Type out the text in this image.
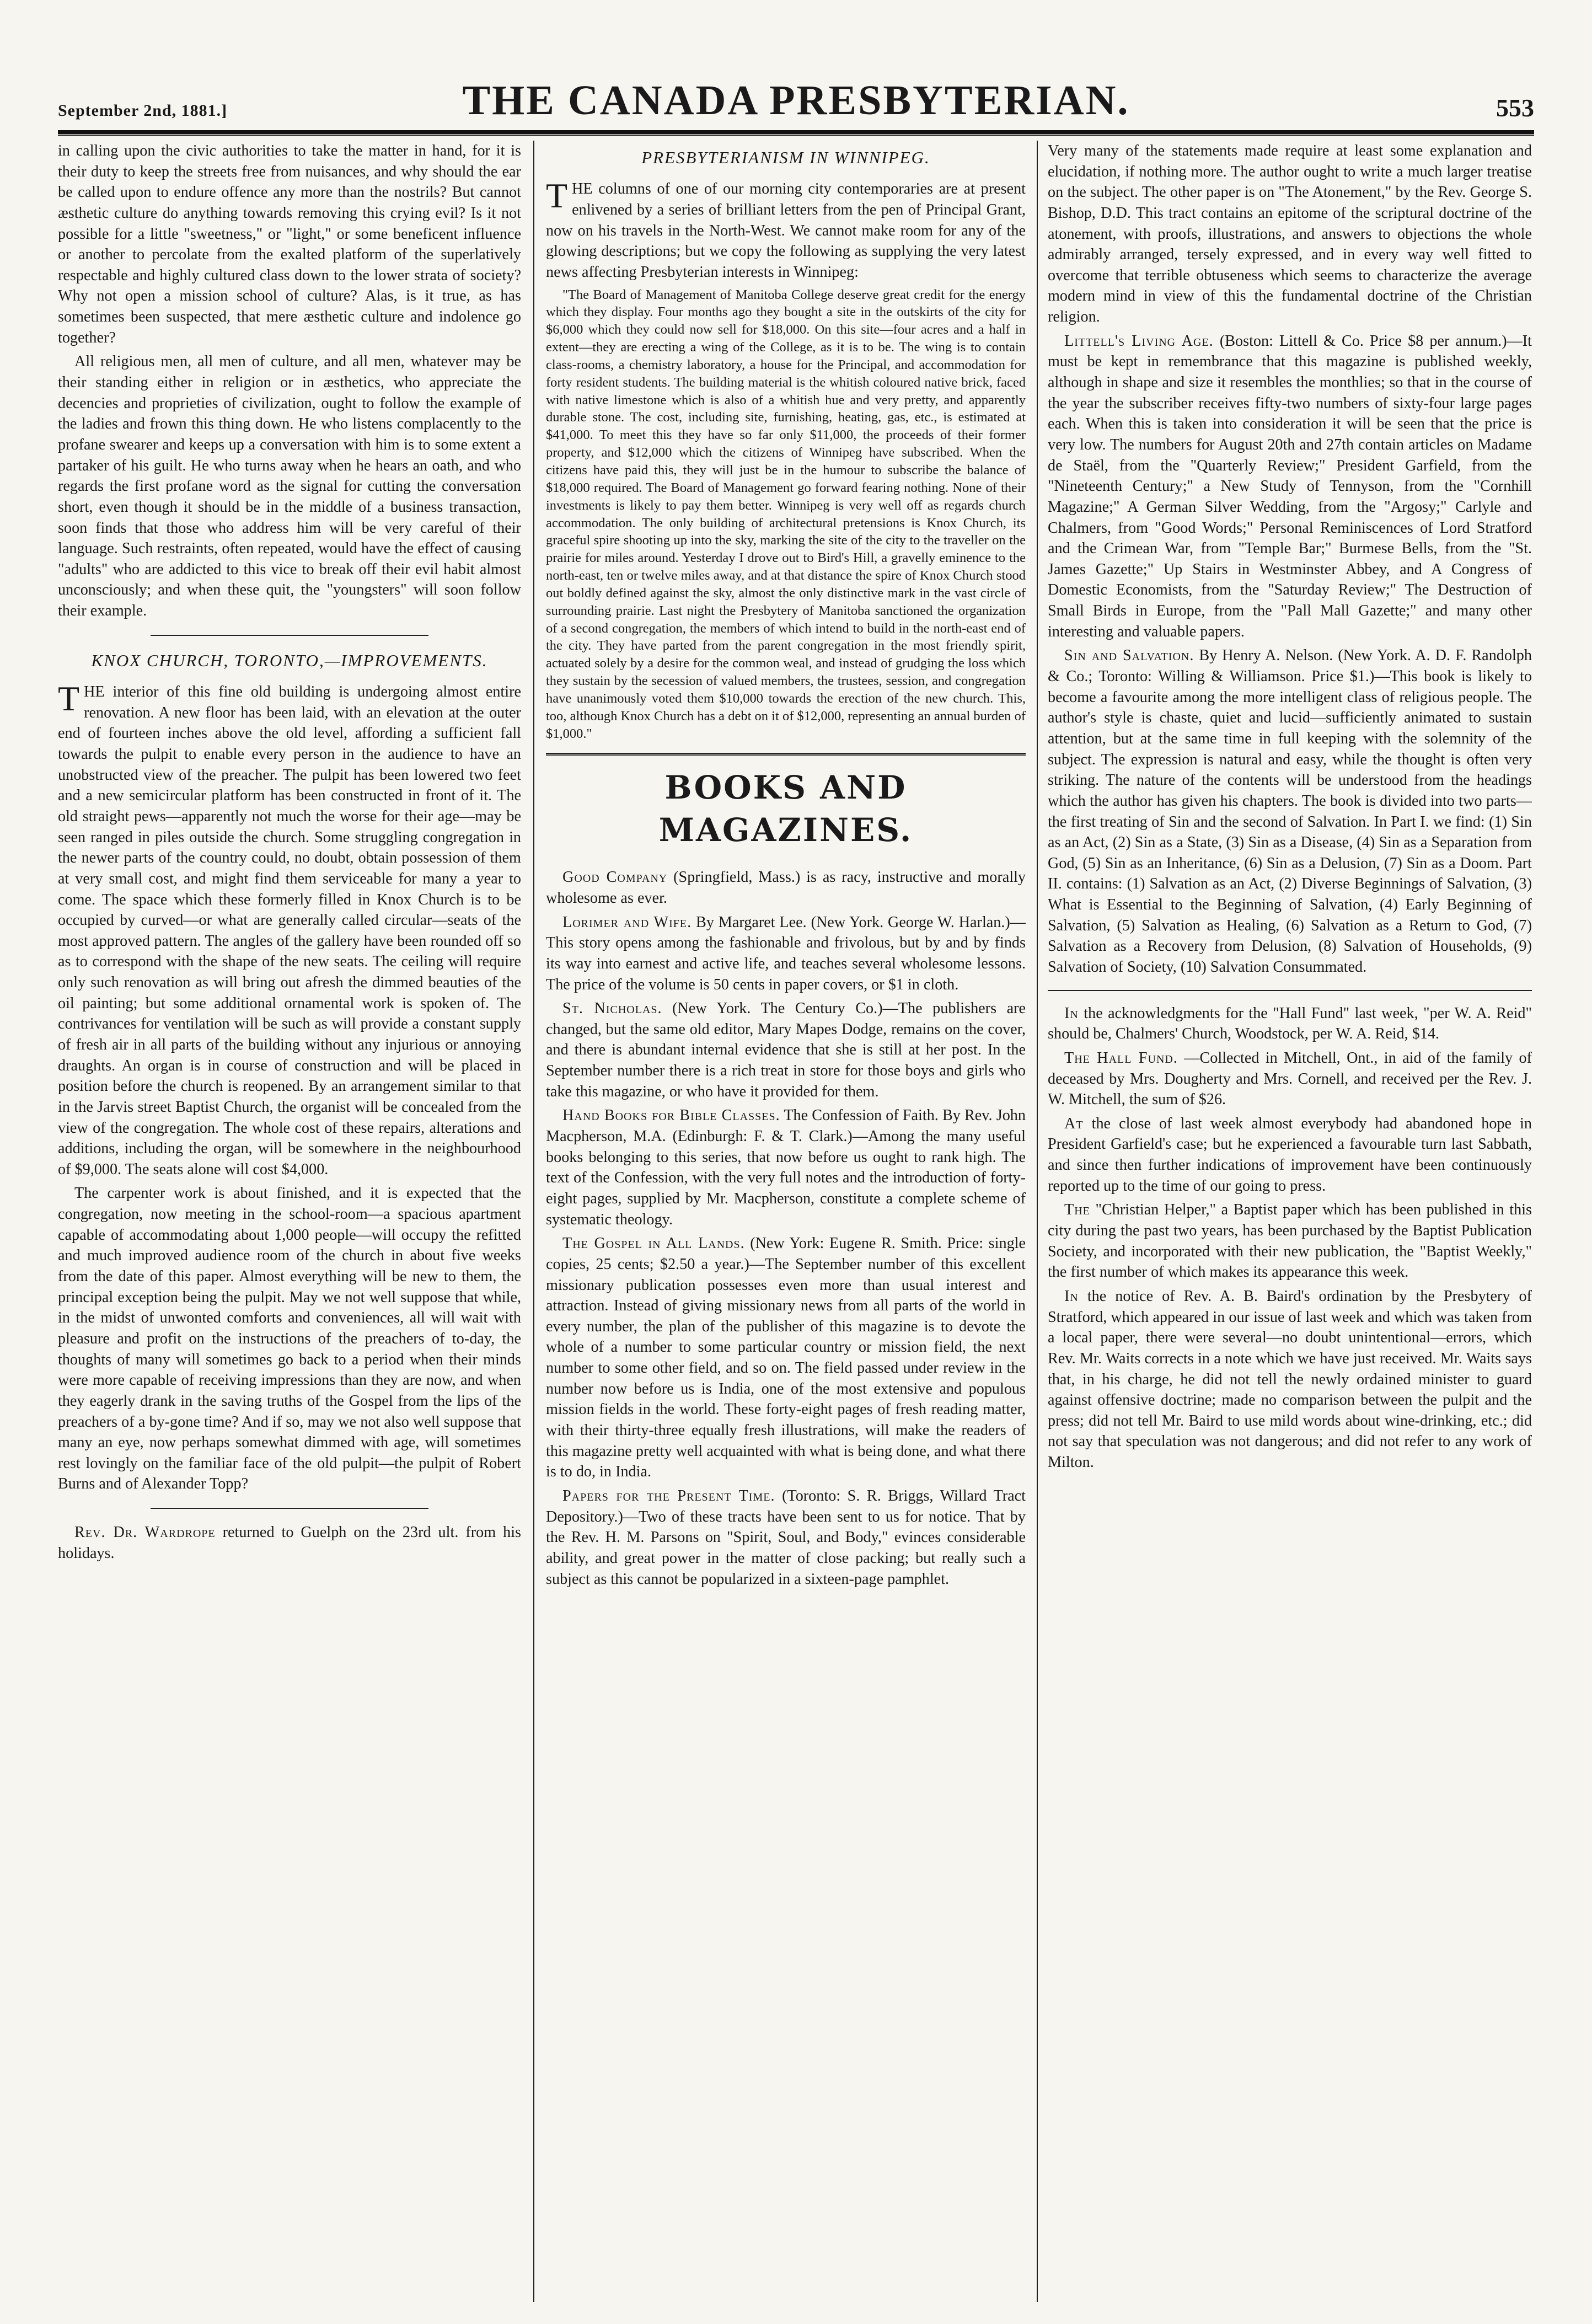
September 2nd, 1881.]	THE CANADA PRESBYTERIAN.	553

in calling upon the civic authorities to take the matter in hand, for it is their duty to keep the streets free from nuisances, and why should the ear be called upon to endure offence any more than the nostrils? But cannot æsthetic culture do anything towards removing this crying evil? Is it not possible for a little "sweetness," or "light," or some beneficent influence or another to percolate from the exalted platform of the superlatively respectable and highly cultured class down to the lower strata of society? Why not open a mission school of culture? Alas, is it true, as has sometimes been suspected, that mere æsthetic culture and indolence go together?

All religious men, all men of culture, and all men, whatever may be their standing either in religion or in æsthetics, who appreciate the decencies and proprieties of civilization, ought to follow the example of the ladies and frown this thing down. He who listens complacently to the profane swearer and keeps up a conversation with him is to some extent a partaker of his guilt. He who turns away when he hears an oath, and who regards the first profane word as the signal for cutting the conversation short, even though it should be in the middle of a business transaction, soon finds that those who address him will be very careful of their language. Such restraints, often repeated, would have the effect of causing "adults" who are addicted to this vice to break off their evil habit almost unconsciously; and when these quit, the "youngsters" will soon follow their example.

KNOX CHURCH, TORONTO,—IMPROVEMENTS.

THE interior of this fine old building is undergoing almost entire renovation. A new floor has been laid, with an elevation at the outer end of fourteen inches above the old level, affording a sufficient fall towards the pulpit to enable every person in the audience to have an unobstructed view of the preacher. The pulpit has been lowered two feet and a new semicircular platform has been constructed in front of it. The old straight pews—apparently not much the worse for their age—may be seen ranged in piles outside the church. Some struggling congregation in the newer parts of the country could, no doubt, obtain possession of them at very small cost, and might find them serviceable for many a year to come. The space which these formerly filled in Knox Church is to be occupied by curved—or what are generally called circular—seats of the most approved pattern. The angles of the gallery have been rounded off so as to correspond with the shape of the new seats. The ceiling will require only such renovation as will bring out afresh the dimmed beauties of the oil painting; but some additional ornamental work is spoken of. The contrivances for ventilation will be such as will provide a constant supply of fresh air in all parts of the building without any injurious or annoying draughts. An organ is in course of construction and will be placed in position before the church is reopened. By an arrangement similar to that in the Jarvis street Baptist Church, the organist will be concealed from the view of the congregation. The whole cost of these repairs, alterations and additions, including the organ, will be somewhere in the neighbourhood of $9,000. The seats alone will cost $4,000.

The carpenter work is about finished, and it is expected that the congregation, now meeting in the school-room—a spacious apartment capable of accommodating about 1,000 people—will occupy the refitted and much improved audience room of the church in about five weeks from the date of this paper. Almost everything will be new to them, the principal exception being the pulpit. May we not well suppose that while, in the midst of unwonted comforts and conveniences, all will wait with pleasure and profit on the instructions of the preachers of to-day, the thoughts of many will sometimes go back to a period when their minds were more capable of receiving impressions than they are now, and when they eagerly drank in the saving truths of the Gospel from the lips of the preachers of a by-gone time? And if so, may we not also well suppose that many an eye, now perhaps somewhat dimmed with age, will sometimes rest lovingly on the familiar face of the old pulpit—the pulpit of Robert Burns and of Alexander Topp?

Rev. Dr. Wardrope returned to Guelph on the 23rd ult. from his holidays.

PRESBYTERIANISM IN WINNIPEG.

THE columns of one of our morning city contemporaries are at present enlivened by a series of brilliant letters from the pen of Principal Grant, now on his travels in the North-West. We cannot make room for any of the glowing descriptions; but we copy the following as supplying the very latest news affecting Presbyterian interests in Winnipeg:

"The Board of Management of Manitoba College deserve great credit for the energy which they display. Four months ago they bought a site in the outskirts of the city for $6,000 which they could now sell for $18,000. On this site—four acres and a half in extent—they are erecting a wing of the College, as it is to be. The wing is to contain class-rooms, a chemistry laboratory, a house for the Principal, and accommodation for forty resident students. The building material is the whitish coloured native brick, faced with native limestone which is also of a whitish hue and very pretty, and apparently durable stone. The cost, including site, furnishing, heating, gas, etc., is estimated at $41,000. To meet this they have so far only $11,000, the proceeds of their former property, and $12,000 which the citizens of Winnipeg have subscribed. When the citizens have paid this, they will just be in the humour to subscribe the balance of $18,000 required. The Board of Management go forward fearing nothing. None of their investments is likely to pay them better. Winnipeg is very well off as regards church accommodation. The only building of architectural pretensions is Knox Church, its graceful spire shooting up into the sky, marking the site of the city to the traveller on the prairie for miles around. Yesterday I drove out to Bird's Hill, a gravelly eminence to the north-east, ten or twelve miles away, and at that distance the spire of Knox Church stood out boldly defined against the sky, almost the only distinctive mark in the vast circle of surrounding prairie. Last night the Presbytery of Manitoba sanctioned the organization of a second congregation, the members of which intend to build in the north-east end of the city. They have parted from the parent congregation in the most friendly spirit, actuated solely by a desire for the common weal, and instead of grudging the loss which they sustain by the secession of valued members, the trustees, session, and congregation have unanimously voted them $10,000 towards the erection of the new church. This, too, although Knox Church has a debt on it of $12,000, representing an annual burden of $1,000."

BOOKS AND MAGAZINES.

Good Company (Springfield, Mass.) is as racy, instructive and morally wholesome as ever.

Lorimer and Wife. By Margaret Lee. (New York. George W. Harlan.)—This story opens among the fashionable and frivolous, but by and by finds its way into earnest and active life, and teaches several wholesome lessons. The price of the volume is 50 cents in paper covers, or $1 in cloth.

St. Nicholas. (New York. The Century Co.)—The publishers are changed, but the same old editor, Mary Mapes Dodge, remains on the cover, and there is abundant internal evidence that she is still at her post. In the September number there is a rich treat in store for those boys and girls who take this magazine, or who have it provided for them.

Hand Books for Bible Classes. The Confession of Faith. By Rev. John Macpherson, M.A. (Edinburgh: F. & T. Clark.)—Among the many useful books belonging to this series, that now before us ought to rank high. The text of the Confession, with the very full notes and the introduction of forty-eight pages, supplied by Mr. Macpherson, constitute a complete scheme of systematic theology.

The Gospel in All Lands. (New York: Eugene R. Smith. Price: single copies, 25 cents; $2.50 a year.)—The September number of this excellent missionary publication possesses even more than usual interest and attraction. Instead of giving missionary news from all parts of the world in every number, the plan of the publisher of this magazine is to devote the whole of a number to some particular country or mission field, the next number to some other field, and so on. The field passed under review in the number now before us is India, one of the most extensive and populous mission fields in the world. These forty-eight pages of fresh reading matter, with their thirty-three equally fresh illustrations, will make the readers of this magazine pretty well acquainted with what is being done, and what there is to do, in India.

Papers for the Present Time. (Toronto: S. R. Briggs, Willard Tract Depository.)—Two of these tracts have been sent to us for notice. That by the Rev. H. M. Parsons on "Spirit, Soul, and Body," evinces considerable ability, and great power in the matter of close packing; but really such a subject as this cannot be popularized in a sixteen-page pamphlet.

Very many of the statements made require at least some explanation and elucidation, if nothing more. The author ought to write a much larger treatise on the subject. The other paper is on "The Atonement," by the Rev. George S. Bishop, D.D. This tract contains an epitome of the scriptural doctrine of the atonement, with proofs, illustrations, and answers to objections the whole admirably arranged, tersely expressed, and in every way well fitted to overcome that terrible obtuseness which seems to characterize the average modern mind in view of this the fundamental doctrine of the Christian religion.

Littell's Living Age. (Boston: Littell & Co. Price $8 per annum.)—It must be kept in remembrance that this magazine is published weekly, although in shape and size it resembles the monthlies; so that in the course of the year the subscriber receives fifty-two numbers of sixty-four large pages each. When this is taken into consideration it will be seen that the price is very low. The numbers for August 20th and 27th contain articles on Madame de Staël, from the "Quarterly Review;" President Garfield, from the "Nineteenth Century;" a New Study of Tennyson, from the "Cornhill Magazine;" A German Silver Wedding, from the "Argosy;" Carlyle and Chalmers, from "Good Words;" Personal Reminiscences of Lord Stratford and the Crimean War, from "Temple Bar;" Burmese Bells, from the "St. James Gazette;" Up Stairs in Westminster Abbey, and A Congress of Domestic Economists, from the "Saturday Review;" The Destruction of Small Birds in Europe, from the "Pall Mall Gazette;" and many other interesting and valuable papers.

Sin and Salvation. By Henry A. Nelson. (New York. A. D. F. Randolph & Co.; Toronto: Willing & Williamson. Price $1.)—This book is likely to become a favourite among the more intelligent class of religious people. The author's style is chaste, quiet and lucid—sufficiently animated to sustain attention, but at the same time in full keeping with the solemnity of the subject. The expression is natural and easy, while the thought is often very striking. The nature of the contents will be understood from the headings which the author has given his chapters. The book is divided into two parts—the first treating of Sin and the second of Salvation. In Part I. we find: (1) Sin as an Act, (2) Sin as a State, (3) Sin as a Disease, (4) Sin as a Separation from God, (5) Sin as an Inheritance, (6) Sin as a Delusion, (7) Sin as a Doom. Part II. contains: (1) Salvation as an Act, (2) Diverse Beginnings of Salvation, (3) What is Essential to the Beginning of Salvation, (4) Early Beginning of Salvation, (5) Salvation as Healing, (6) Salvation as a Return to God, (7) Salvation as a Recovery from Delusion, (8) Salvation of Households, (9) Salvation of Society, (10) Salvation Consummated.

In the acknowledgments for the "Hall Fund" last week, "per W. A. Reid" should be, Chalmers' Church, Woodstock, per W. A. Reid, $14.

The Hall Fund. —Collected in Mitchell, Ont., in aid of the family of deceased by Mrs. Dougherty and Mrs. Cornell, and received per the Rev. J. W. Mitchell, the sum of $26.

At the close of last week almost everybody had abandoned hope in President Garfield's case; but he experienced a favourable turn last Sabbath, and since then further indications of improvement have been continuously reported up to the time of our going to press.

The "Christian Helper," a Baptist paper which has been published in this city during the past two years, has been purchased by the Baptist Publication Society, and incorporated with their new publication, the "Baptist Weekly," the first number of which makes its appearance this week.

In the notice of Rev. A. B. Baird's ordination by the Presbytery of Stratford, which appeared in our issue of last week and which was taken from a local paper, there were several—no doubt unintentional—errors, which Rev. Mr. Waits corrects in a note which we have just received. Mr. Waits says that, in his charge, he did not tell the newly ordained minister to guard against offensive doctrine; made no comparison between the pulpit and the press; did not tell Mr. Baird to use mild words about wine-drinking, etc.; did not say that speculation was not dangerous; and did not refer to any work of Milton.
